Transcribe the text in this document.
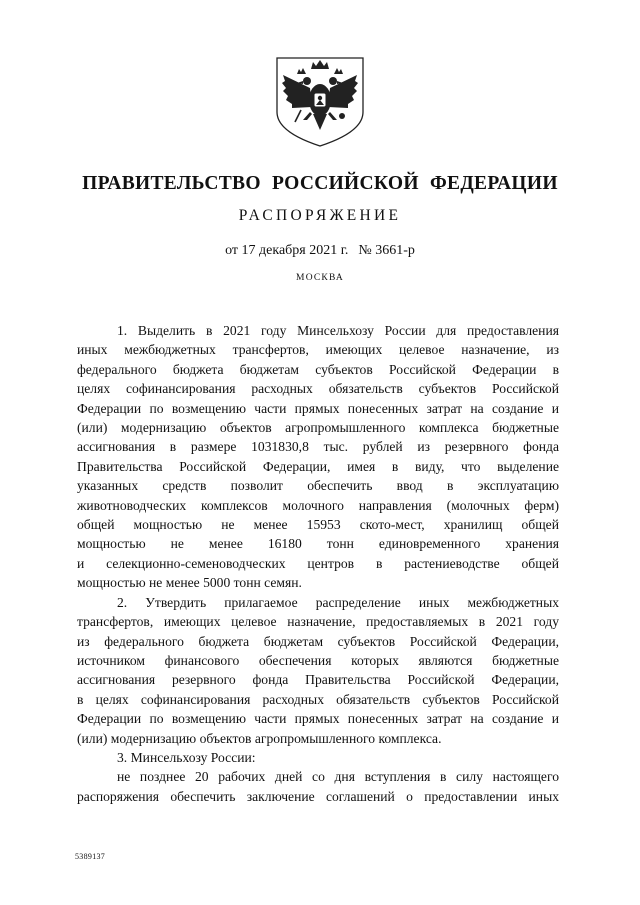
ПРАВИТЕЛЬСТВО РОССИЙСКОЙ ФЕДЕРАЦИИ
РАСПОРЯЖЕНИЕ
от 17 декабря 2021 г. № 3661-р
МОСКВА
1. Выделить в 2021 году Минсельхозу России для предоставления
иных межбюджетных трансфертов, имеющих целевое назначение, из
федерального бюджета бюджетам субъектов Российской Федерации в
целях софинансирования расходных обязательств субъектов Российской
Федерации по возмещению части прямых понесенных затрат на создание и
(или) модернизацию объектов агропромышленного комплекса бюджетные
ассигнования в размере 1031830,8 тыс. рублей из резервного фонда
Правительства Российской Федерации, имея в виду, что выделение
указанных средств позволит обеспечить ввод в эксплуатацию
животноводческих комплексов молочного направления (молочных ферм)
общей мощностью не менее 15953 ското-мест, хранилищ общей
мощностью не менее 16180 тонн единовременного хранения
и селекционно-семеноводческих центров в растениеводстве общей
мощностью не менее 5000 тонн семян.
2. Утвердить прилагаемое распределение иных межбюджетных
трансфертов, имеющих целевое назначение, предоставляемых в 2021 году
из федерального бюджета бюджетам субъектов Российской Федерации,
источником финансового обеспечения которых являются бюджетные
ассигнования резервного фонда Правительства Российской Федерации,
в целях софинансирования расходных обязательств субъектов Российской
Федерации по возмещению части прямых понесенных затрат на создание и
(или) модернизацию объектов агропромышленного комплекса.
3. Минсельхозу России:
не позднее 20 рабочих дней со дня вступления в силу настоящего
распоряжения обеспечить заключение соглашений о предоставлении иных
5389137
